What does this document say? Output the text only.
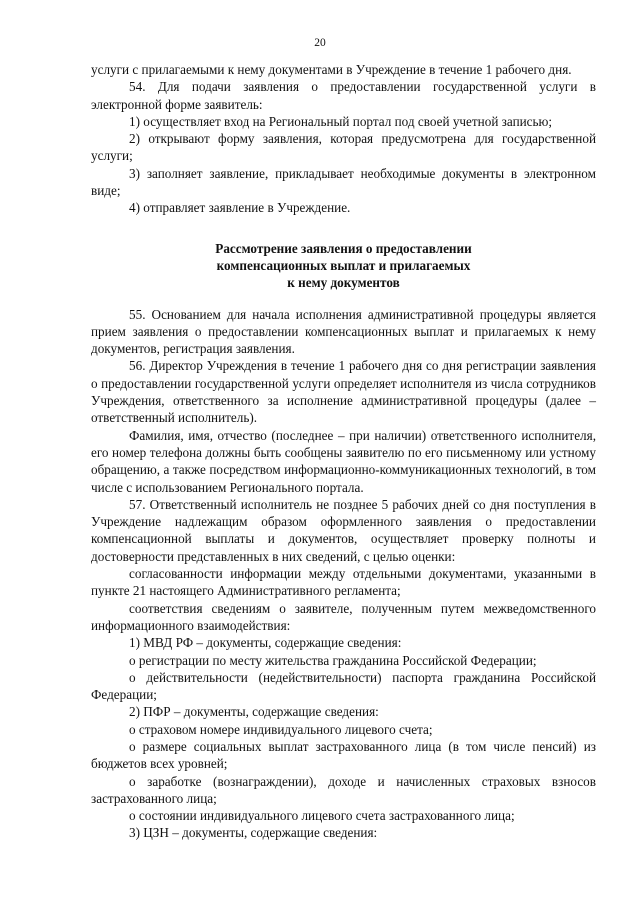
20

услуги с прилагаемыми к нему документами в Учреждение в течение 1 рабочего дня.

54. Для подачи заявления о предоставлении государственной услуги в электронной форме заявитель:

1) осуществляет вход на Региональный портал под своей учетной записью;

2) открывают форму заявления, которая предусмотрена для государственной услуги;

3) заполняет заявление, прикладывает необходимые документы в электронном виде;

4) отправляет заявление в Учреждение.

Рассмотрение заявления о предоставлении
компенсационных выплат и прилагаемых
к нему документов

55. Основанием для начала исполнения административной процедуры является прием заявления о предоставлении компенсационных выплат и прилагаемых к нему документов, регистрация заявления.

56. Директор Учреждения в течение 1 рабочего дня со дня регистрации заявления о предоставлении государственной услуги определяет исполнителя из числа сотрудников Учреждения, ответственного за исполнение административной процедуры (далее – ответственный исполнитель).

Фамилия, имя, отчество (последнее – при наличии) ответственного исполнителя, его номер телефона должны быть сообщены заявителю по его письменному или устному обращению, а также посредством информационно-коммуникационных технологий, в том числе с использованием Регионального портала.

57. Ответственный исполнитель не позднее 5 рабочих дней со дня поступления в Учреждение надлежащим образом оформленного заявления о предоставлении компенсационной выплаты и документов, осуществляет проверку полноты и достоверности представленных в них сведений, с целью оценки:

согласованности информации между отдельными документами, указанными в пункте 21 настоящего Административного регламента;

соответствия сведениям о заявителе, полученным путем межведомственного информационного взаимодействия:

1) МВД РФ – документы, содержащие сведения:

о регистрации по месту жительства гражданина Российской Федерации;

о действительности (недействительности) паспорта гражданина Российской Федерации;

2) ПФР – документы, содержащие сведения:

о страховом номере индивидуального лицевого счета;

о размере социальных выплат застрахованного лица (в том числе пенсий) из бюджетов всех уровней;

о заработке (вознаграждении), доходе и начисленных страховых взносов застрахованного лица;

о состоянии индивидуального лицевого счета застрахованного лица;

3) ЦЗН – документы, содержащие сведения:
